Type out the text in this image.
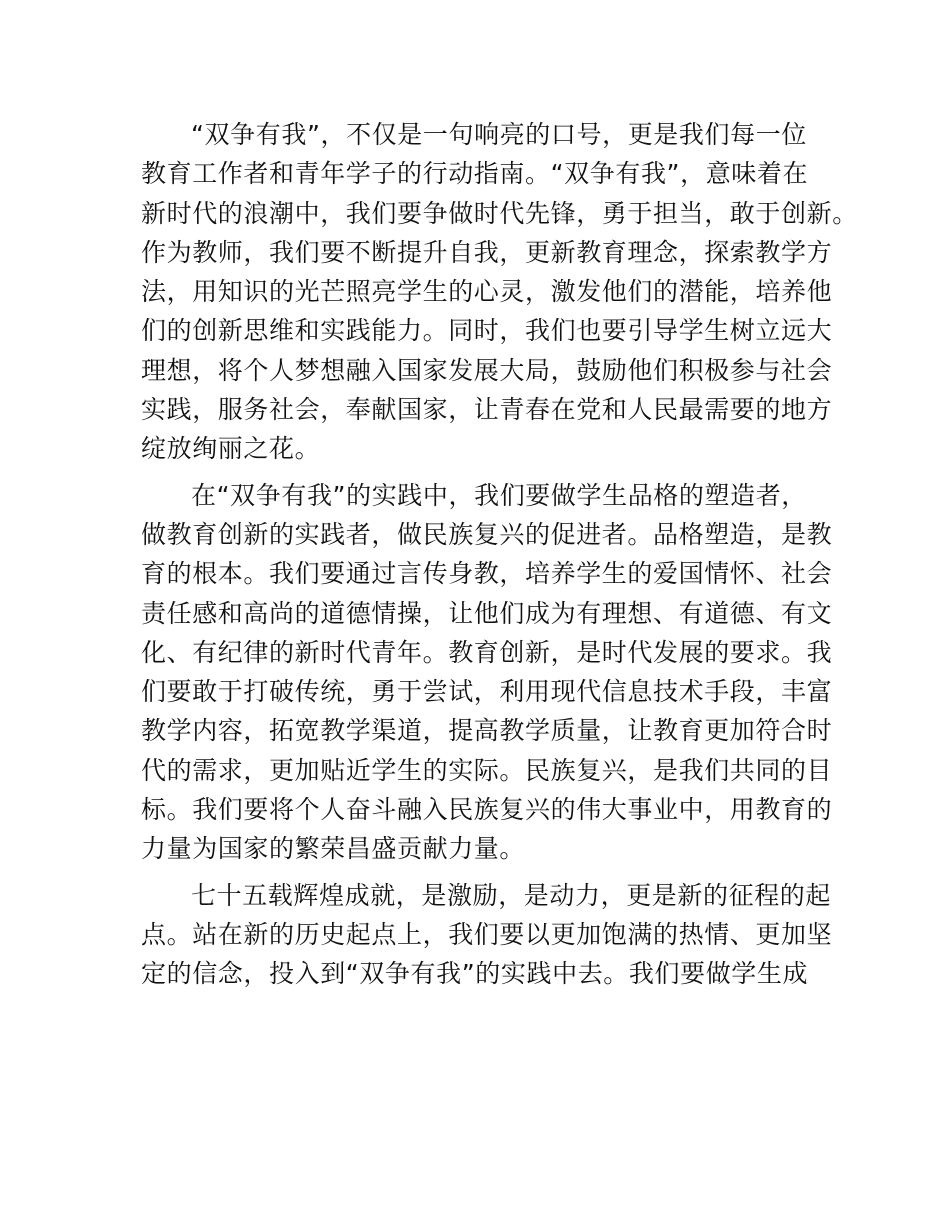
“双争有我”，不仅是一句响亮的口号，更是我们每一位
教育工作者和青年学子的行动指南。“双争有我”，意味着在
新时代的浪潮中，我们要争做时代先锋，勇于担当，敢于创新。
作为教师，我们要不断提升自我，更新教育理念，探索教学方
法，用知识的光芒照亮学生的心灵，激发他们的潜能，培养他
们的创新思维和实践能力。同时，我们也要引导学生树立远大
理想，将个人梦想融入国家发展大局，鼓励他们积极参与社会
实践，服务社会，奉献国家，让青春在党和人民最需要的地方
绽放绚丽之花。
在“双争有我”的实践中，我们要做学生品格的塑造者，
做教育创新的实践者，做民族复兴的促进者。品格塑造，是教
育的根本。我们要通过言传身教，培养学生的爱国情怀、社会
责任感和高尚的道德情操，让他们成为有理想、有道德、有文
化、有纪律的新时代青年。教育创新，是时代发展的要求。我
们要敢于打破传统，勇于尝试，利用现代信息技术手段，丰富
教学内容，拓宽教学渠道，提高教学质量，让教育更加符合时
代的需求，更加贴近学生的实际。民族复兴，是我们共同的目
标。我们要将个人奋斗融入民族复兴的伟大事业中，用教育的
力量为国家的繁荣昌盛贡献力量。
七十五载辉煌成就，是激励，是动力，更是新的征程的起
点。站在新的历史起点上，我们要以更加饱满的热情、更加坚
定的信念，投入到“双争有我”的实践中去。我们要做学生成
